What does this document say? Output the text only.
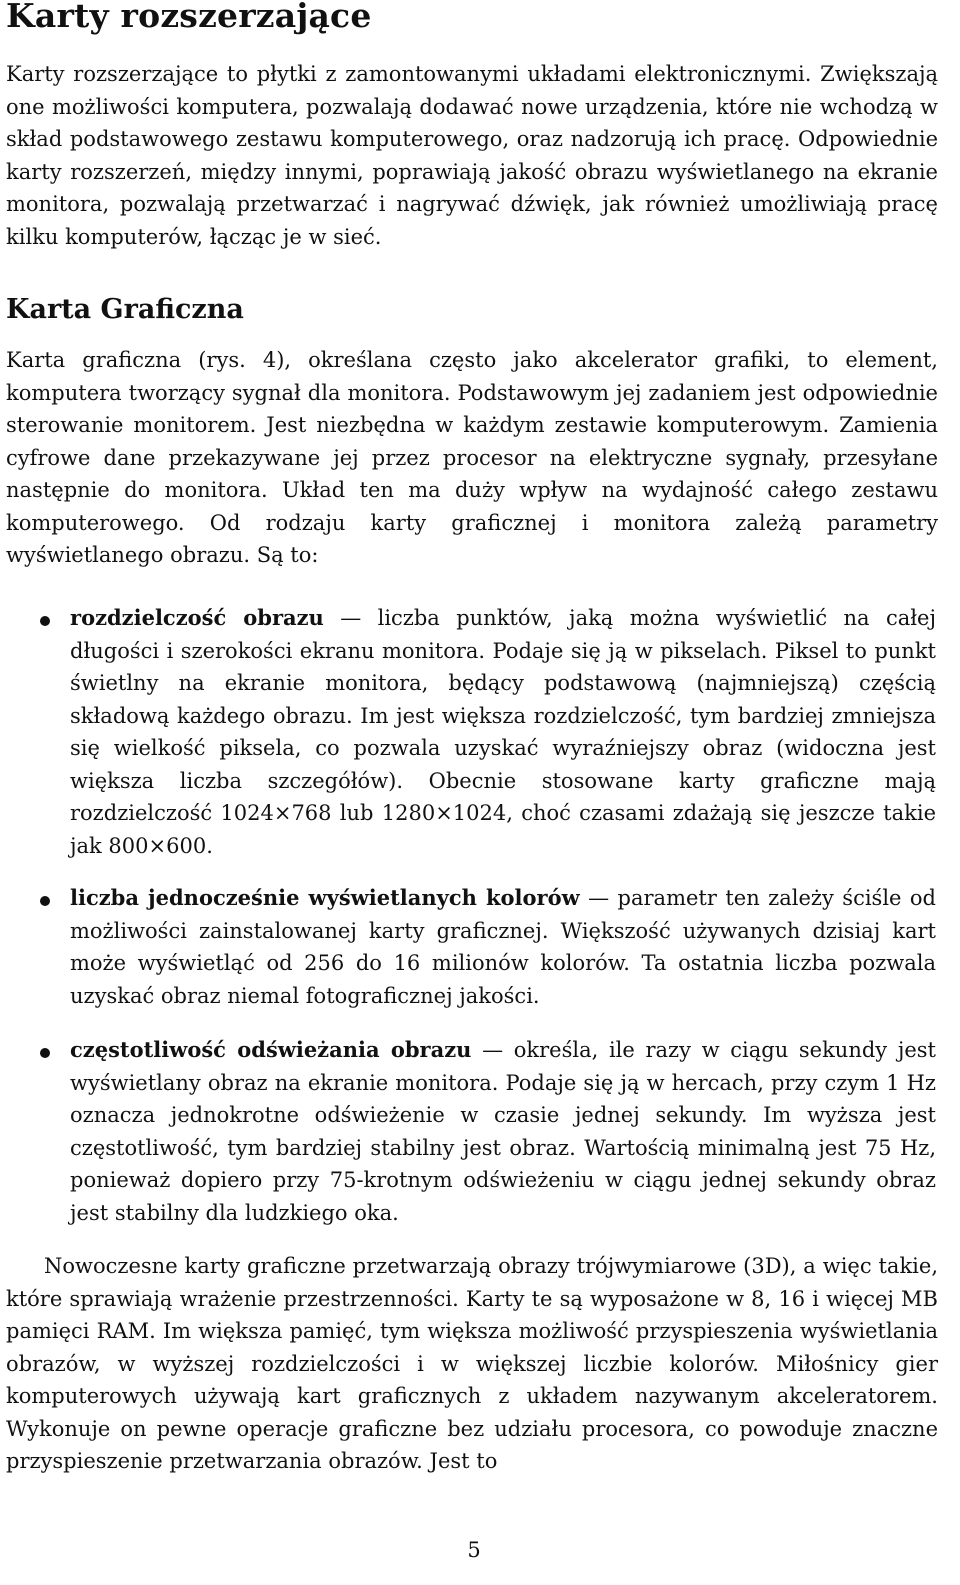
Karty rozszerzające

Karty rozszerzające to płytki z zamontowanymi układami elektronicznymi. Zwiększają one możliwości komputera, pozwalają dodawać nowe urządzenia, które nie wchodzą w skład podstawowego zestawu komputerowego, oraz nadzorują ich pracę. Odpowiednie karty rozszerzeń, między innymi, poprawiają jakość obrazu wyświetlanego na ekranie monitora, pozwalają przetwarzać i nagrywać dźwięk, jak również umożliwiają pracę kilku komputerów, łącząc je w sieć.

Karta Graficzna

Karta graficzna (rys. 4), określana często jako akcelerator grafiki, to element, komputera tworzący sygnał dla monitora. Podstawowym jej zadaniem jest odpowiednie sterowanie monitorem. Jest niezbędna w każdym zestawie komputerowym. Zamienia cyfrowe dane przekazywane jej przez procesor na elektryczne sygnały, przesyłane następnie do monitora. Układ ten ma duży wpływ na wydajność całego zestawu komputerowego. Od rodzaju karty graficznej i monitora zależą parametry wyświetlanego obrazu. Są to:

rozdzielczość obrazu — liczba punktów, jaką można wyświetlić na całej długości i szerokości ekranu monitora. Podaje się ją w pikselach. Piksel to punkt świetlny na ekranie monitora, będący podstawową (najmniejszą) częścią składową każdego obrazu. Im jest większa rozdzielczość, tym bardziej zmniejsza się wielkość piksela, co pozwala uzyskać wyraźniejszy obraz (widoczna jest większa liczba szczegółów). Obecnie stosowane karty graficzne mają rozdzielczość 1024×768 lub 1280×1024, choć czasami zdażają się jeszcze takie jak 800×600.

liczba jednocześnie wyświetlanych kolorów — parametr ten zależy ściśle od możliwości zainstalowanej karty graficznej. Większość używanych dzisiaj kart może wyświetląć od 256 do 16 milionów kolorów. Ta ostatnia liczba pozwala uzyskać obraz niemal fotograficznej jakości.

częstotliwość odświeżania obrazu — określa, ile razy w ciągu sekundy jest wyświetlany obraz na ekranie monitora. Podaje się ją w hercach, przy czym 1 Hz oznacza jednokrotne odświeżenie w czasie jednej sekundy. Im wyższa jest częstotliwość, tym bardziej stabilny jest obraz. Wartością minimalną jest 75 Hz, ponieważ dopiero przy 75-krotnym odświeżeniu w ciągu jednej sekundy obraz jest stabilny dla ludzkiego oka.

Nowoczesne karty graficzne przetwarzają obrazy trójwymiarowe (3D), a więc takie, które sprawiają wrażenie przestrzenności. Karty te są wyposażone w 8, 16 i więcej MB pamięci RAM. Im większa pamięć, tym większa możliwość przyspieszenia wyświetlania obrazów, w wyższej rozdzielczości i w większej liczbie kolorów. Miłośnicy gier komputerowych używają kart graficznych z układem nazywanym akceleratorem. Wykonuje on pewne operacje graficzne bez udziału procesora, co powoduje znaczne przyspieszenie przetwarzania obrazów. Jest to

5
